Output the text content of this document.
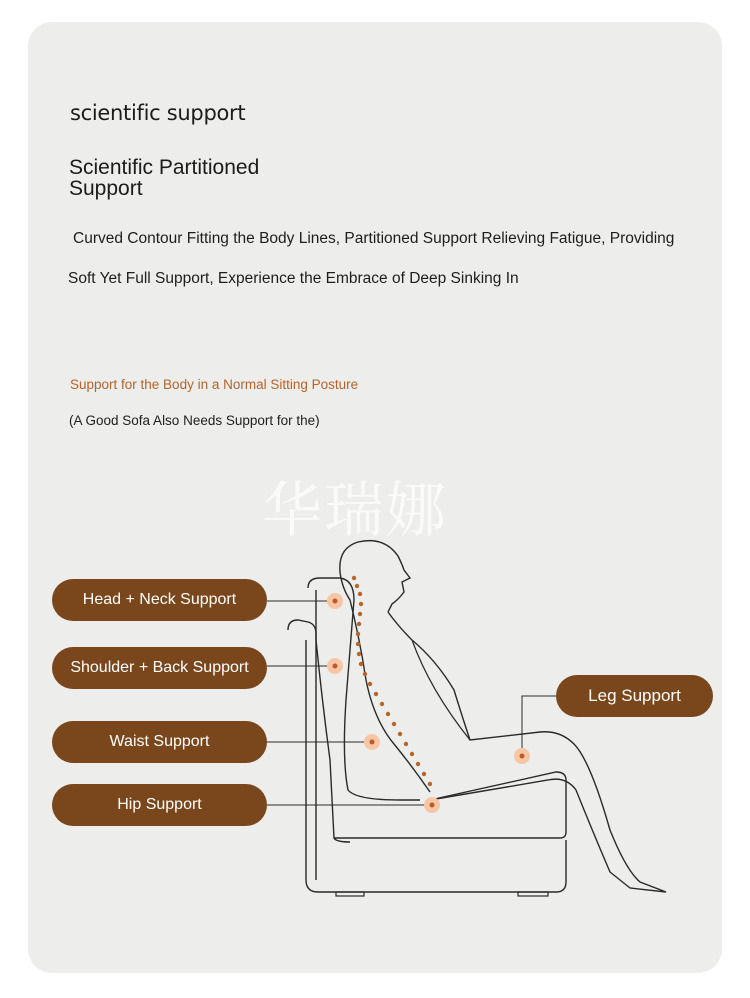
scientific support
Scientific Partitioned Support
Curved Contour Fitting the Body Lines, Partitioned Support Relieving Fatigue, Providing
Soft Yet Full Support, Experience the Embrace of Deep Sinking In
Support for the Body in a Normal Sitting Posture
(A Good Sofa Also Needs Support for the)
华瑞娜
Head + Neck Support
Shoulder + Back Support
Waist Support
Hip Support
Leg Support
